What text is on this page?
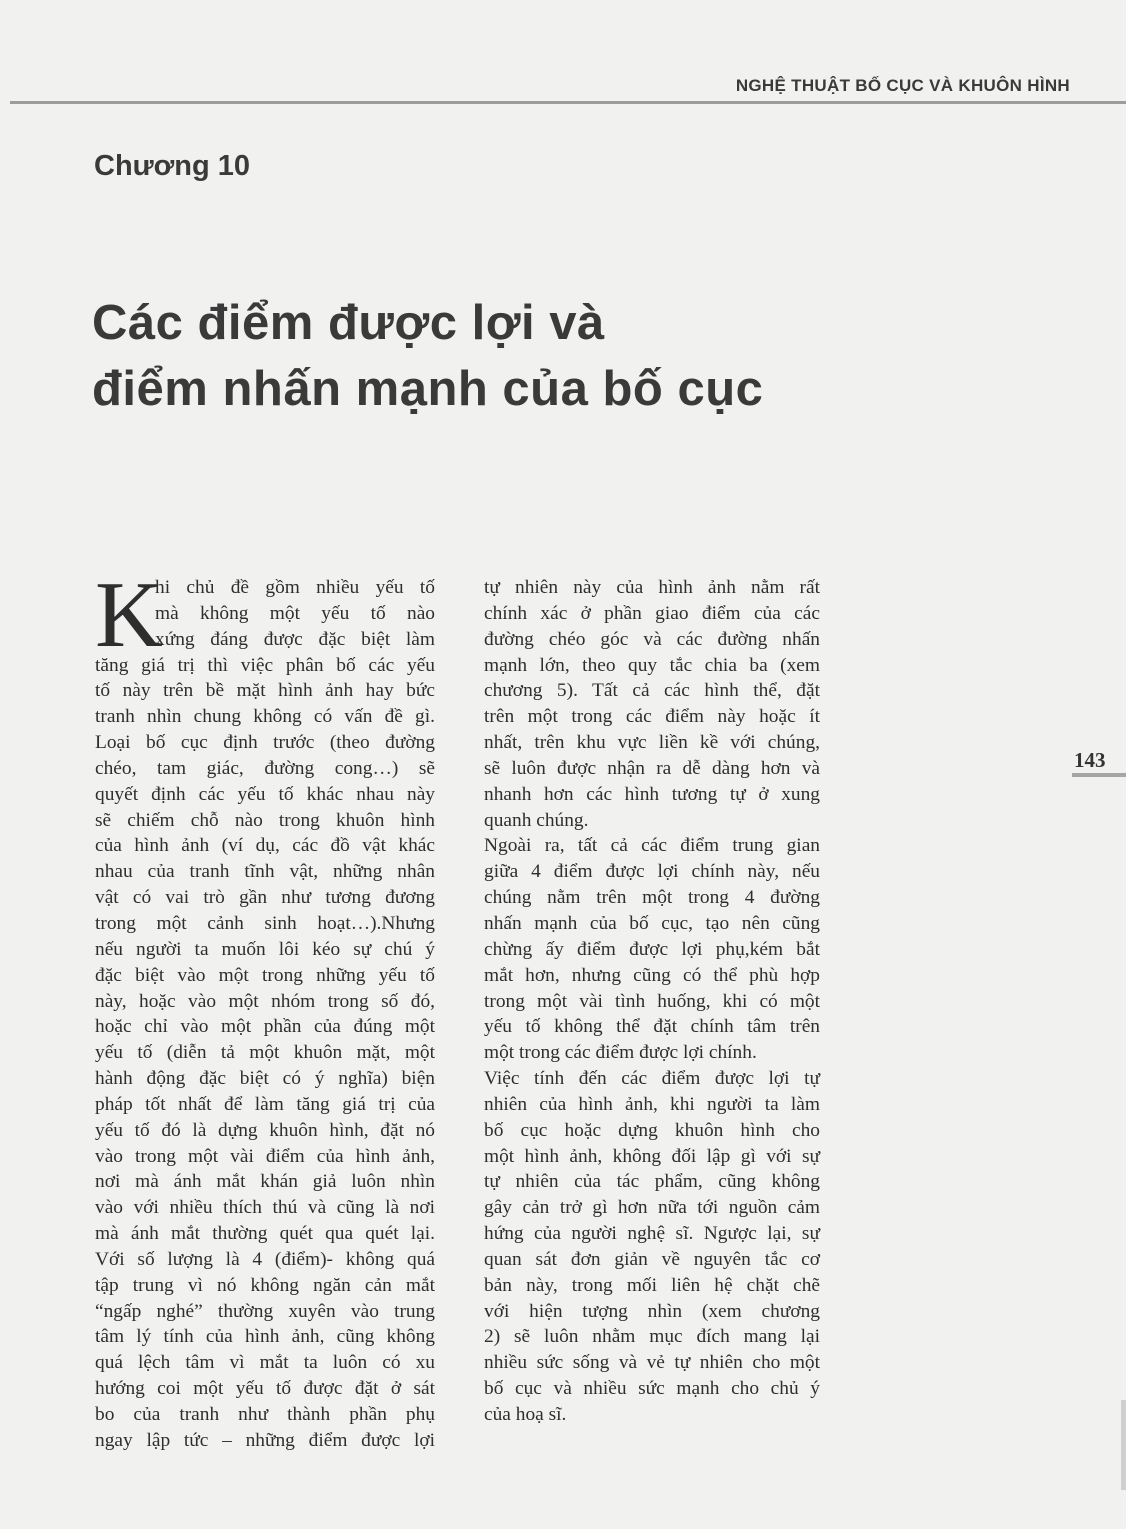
NGHỆ THUẬT BỐ CỤC VÀ KHUÔN HÌNH
Chương 10
Các điểm được lợi và
điểm nhấn mạnh của bố cục
143
K
hi chủ đề gồm nhiều yếu tố
mà không một yếu tố nào
xứng đáng được đặc biệt làm
tăng giá trị thì việc phân bố các yếu
tố này trên bề mặt hình ảnh hay bức
tranh nhìn chung không có vấn đề gì.
Loại bố cục định trước (theo đường
chéo, tam giác, đường cong…) sẽ
quyết định các yếu tố khác nhau này
sẽ chiếm chỗ nào trong khuôn hình
của hình ảnh (ví dụ, các đồ vật khác
nhau của tranh tĩnh vật, những nhân
vật có vai trò gần như tương đương
trong một cảnh sinh hoạt…).Nhưng
nếu người ta muốn lôi kéo sự chú ý
đặc biệt vào một trong những yếu tố
này, hoặc vào một nhóm trong số đó,
hoặc chỉ vào một phần của đúng một
yếu tố (diễn tả một khuôn mặt, một
hành động đặc biệt có ý nghĩa) biện
pháp tốt nhất để làm tăng giá trị của
yếu tố đó là dựng khuôn hình, đặt nó
vào trong một vài điểm của hình ảnh,
nơi mà ánh mắt khán giả luôn nhìn
vào với nhiều thích thú và cũng là nơi
mà ánh mắt thường quét qua quét lại.
Với số lượng là 4 (điểm)- không quá
tập trung vì nó không ngăn cản mắt
“ngấp nghé” thường xuyên vào trung
tâm lý tính của hình ảnh, cũng không
quá lệch tâm vì mắt ta luôn có xu
hướng coi một yếu tố được đặt ở sát
bo của tranh như thành phần phụ
ngay lập tức – những điểm được lợi
tự nhiên này của hình ảnh nằm rất
chính xác ở phần giao điểm của các
đường chéo góc và các đường nhấn
mạnh lớn, theo quy tắc chia ba (xem
chương 5). Tất cả các hình thể, đặt
trên một trong các điểm này hoặc ít
nhất, trên khu vực liền kề với chúng,
sẽ luôn được nhận ra dễ dàng hơn và
nhanh hơn các hình tương tự ở xung
quanh chúng.
Ngoài ra, tất cả các điểm trung gian
giữa 4 điểm được lợi chính này, nếu
chúng nằm trên một trong 4 đường
nhấn mạnh của bố cục, tạo nên cũng
chừng ấy điểm được lợi phụ,kém bắt
mắt hơn, nhưng cũng có thể phù hợp
trong một vài tình huống, khi có một
yếu tố không thể đặt chính tâm trên
một trong các điểm được lợi chính.
Việc tính đến các điểm được lợi tự
nhiên của hình ảnh, khi người ta làm
bố cục hoặc dựng khuôn hình cho
một hình ảnh, không đối lập gì với sự
tự nhiên của tác phẩm, cũng không
gây cản trở gì hơn nữa tới nguồn cảm
hứng của người nghệ sĩ. Ngược lại, sự
quan sát đơn giản về nguyên tắc cơ
bản này, trong mối liên hệ chặt chẽ
với hiện tượng nhìn (xem chương
2) sẽ luôn nhằm mục đích mang lại
nhiều sức sống và vẻ tự nhiên cho một
bố cục và nhiều sức mạnh cho chủ ý
của hoạ sĩ.
